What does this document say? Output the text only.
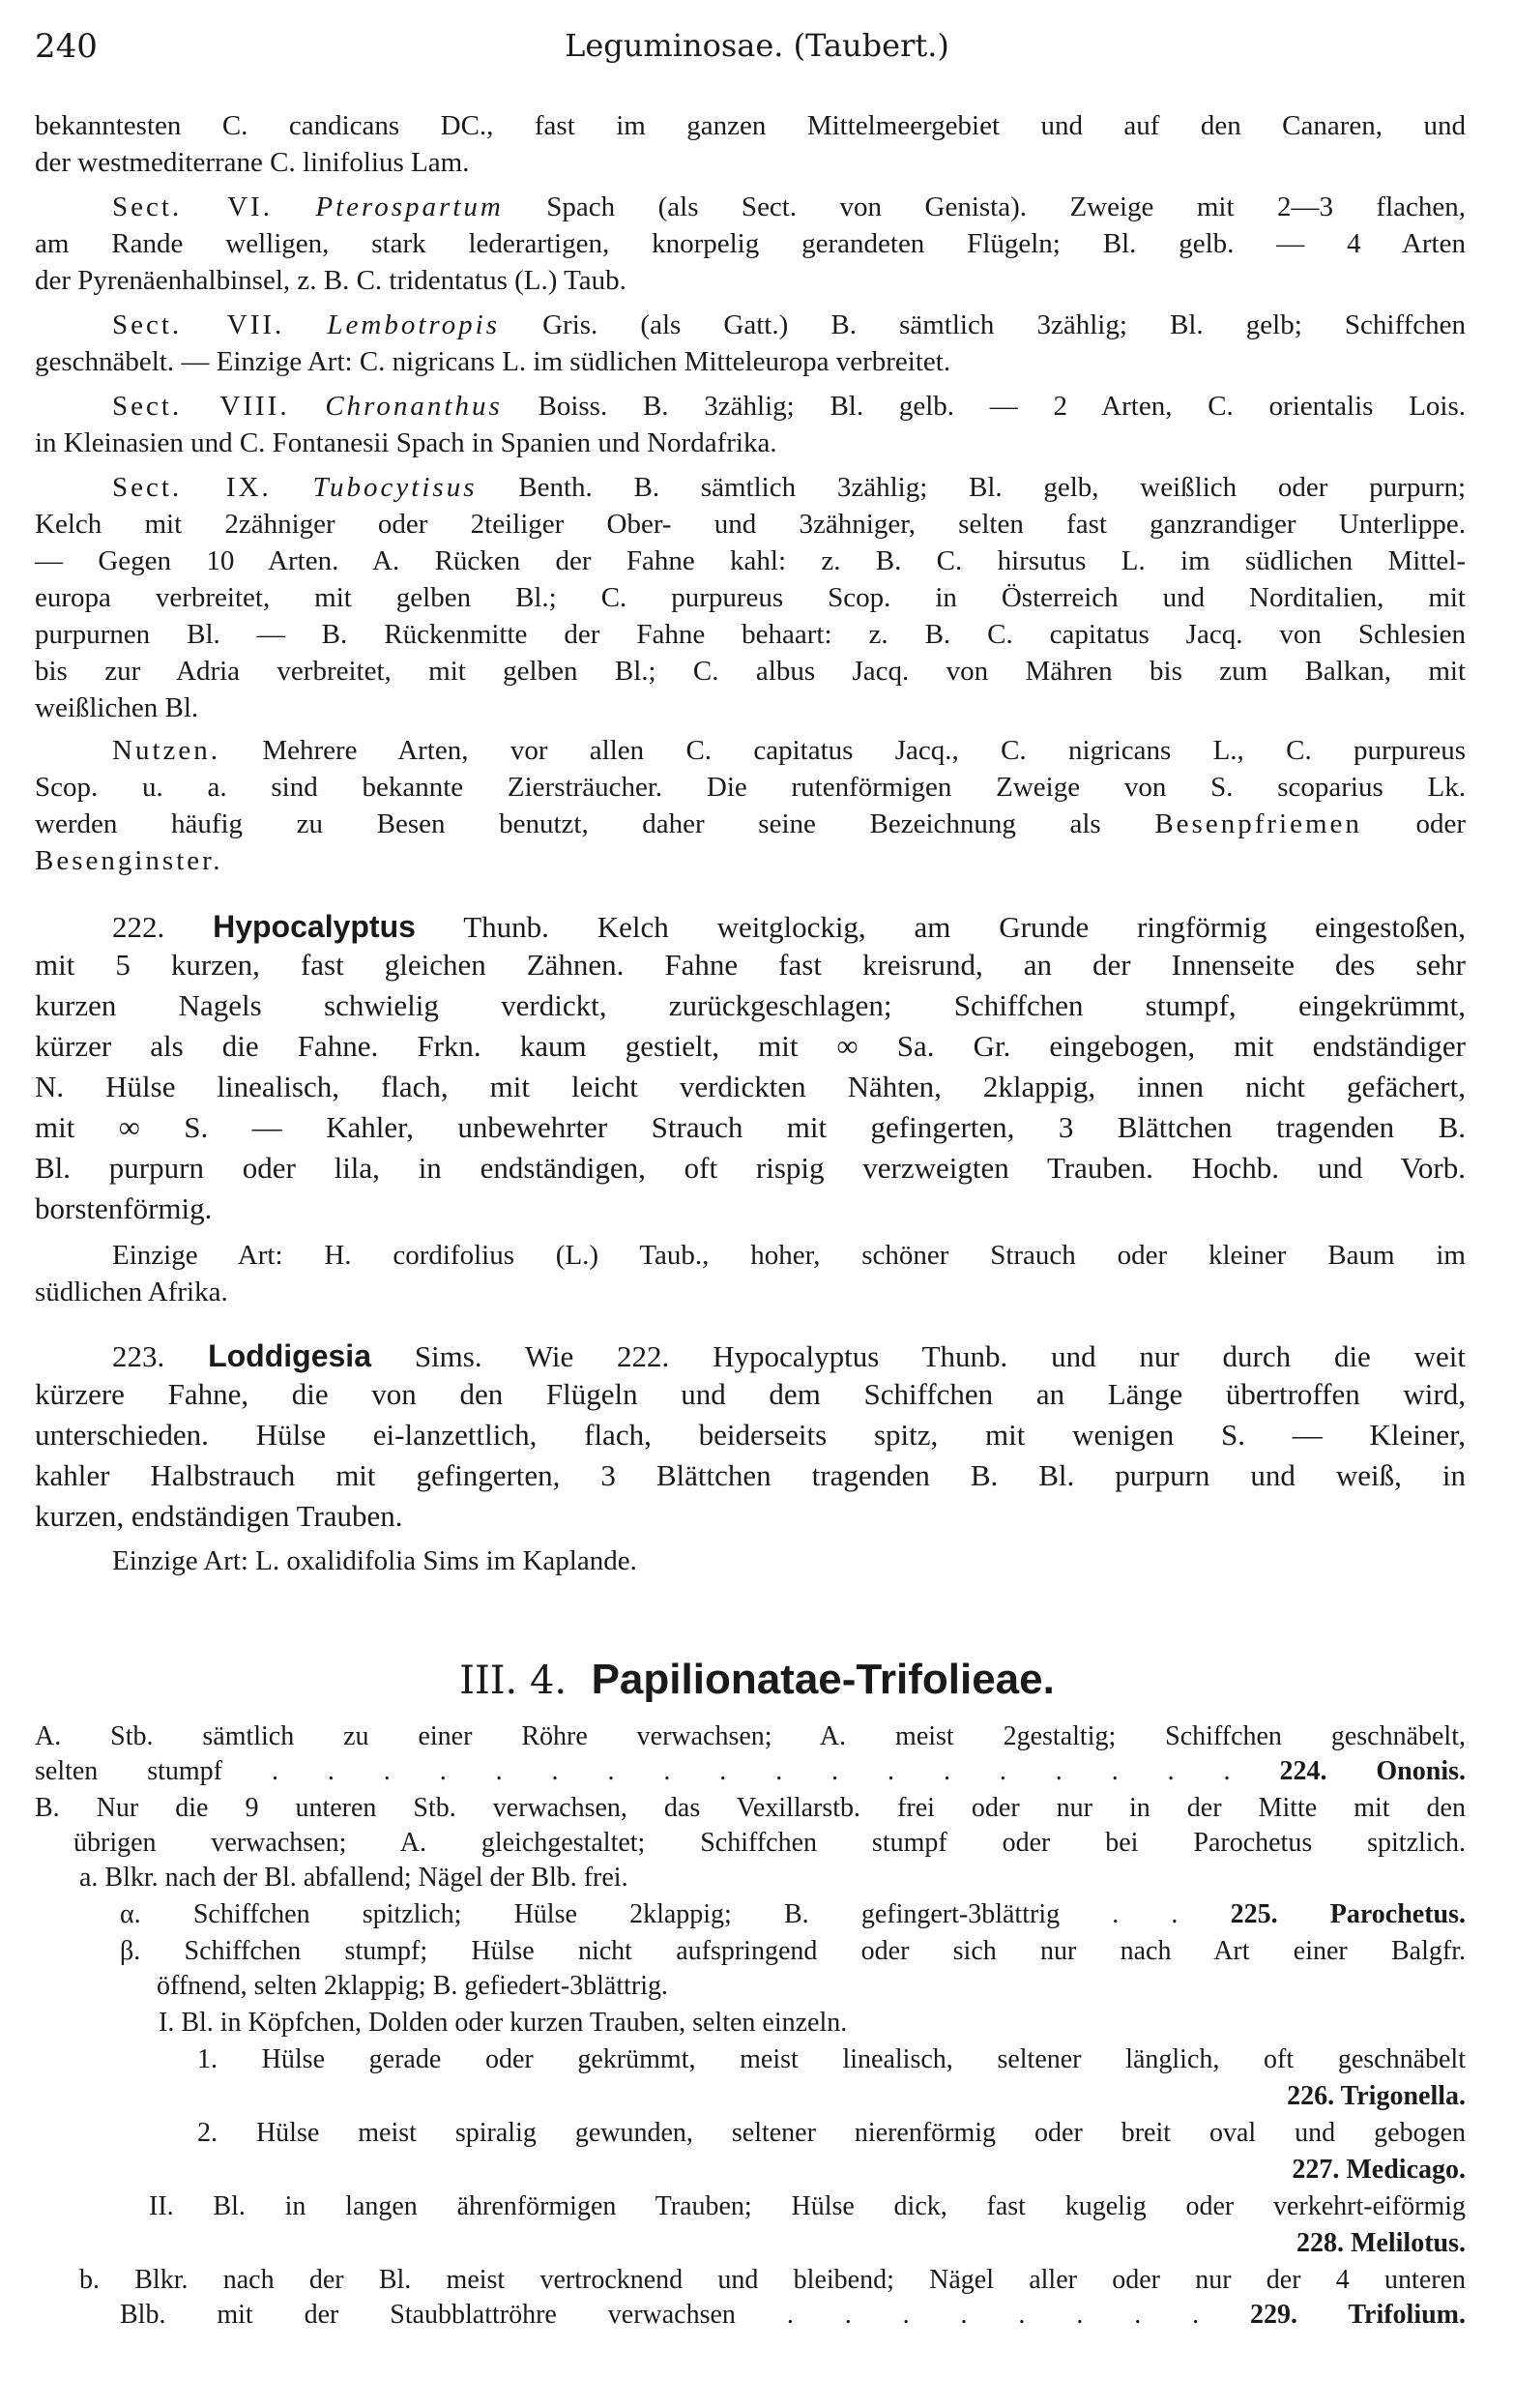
240	Leguminosae. (Taubert.)
bekanntesten C. candicans DC., fast im ganzen Mittelmeergebiet und auf den Canaren, und
der westmediterrane C. linifolius Lam.
Sect. VI. Pterospartum Spach (als Sect. von Genista). Zweige mit 2—3 flachen,
am Rande welligen, stark lederartigen, knorpelig gerandeten Flügeln; Bl. gelb. — 4 Arten
der Pyrenäenhalbinsel, z. B. C. tridentatus (L.) Taub.
Sect. VII. Lembotropis Gris. (als Gatt.) B. sämtlich 3zählig; Bl. gelb; Schiffchen
geschnäbelt. — Einzige Art: C. nigricans L. im südlichen Mitteleuropa verbreitet.
Sect. VIII. Chronanthus Boiss. B. 3zählig; Bl. gelb. — 2 Arten, C. orientalis Lois.
in Kleinasien und C. Fontanesii Spach in Spanien und Nordafrika.
Sect. IX. Tubocytisus Benth. B. sämtlich 3zählig; Bl. gelb, weißlich oder purpurn;
Kelch mit 2zähniger oder 2teiliger Ober- und 3zähniger, selten fast ganzrandiger Unterlippe.
— Gegen 10 Arten. A. Rücken der Fahne kahl: z. B. C. hirsutus L. im südlichen Mittel-
europa verbreitet, mit gelben Bl.; C. purpureus Scop. in Österreich und Norditalien, mit
purpurnen Bl. — B. Rückenmitte der Fahne behaart: z. B. C. capitatus Jacq. von Schlesien
bis zur Adria verbreitet, mit gelben Bl.; C. albus Jacq. von Mähren bis zum Balkan, mit
weißlichen Bl.
Nutzen. Mehrere Arten, vor allen C. capitatus Jacq., C. nigricans L., C. purpureus
Scop. u. a. sind bekannte Ziersträucher. Die rutenförmigen Zweige von S. scoparius Lk.
werden häufig zu Besen benutzt, daher seine Bezeichnung als Besenpfriemen oder
Besenginster.
222. Hypocalyptus Thunb. Kelch weitglockig, am Grunde ringförmig eingestoßen,
mit 5 kurzen, fast gleichen Zähnen. Fahne fast kreisrund, an der Innenseite des sehr
kurzen Nagels schwielig verdickt, zurückgeschlagen; Schiffchen stumpf, eingekrümmt,
kürzer als die Fahne. Frkn. kaum gestielt, mit ∞ Sa. Gr. eingebogen, mit endständiger
N. Hülse linealisch, flach, mit leicht verdickten Nähten, 2klappig, innen nicht gefächert,
mit ∞ S. — Kahler, unbewehrter Strauch mit gefingerten, 3 Blättchen tragenden B.
Bl. purpurn oder lila, in endständigen, oft rispig verzweigten Trauben. Hochb. und Vorb.
borstenförmig.
Einzige Art: H. cordifolius (L.) Taub., hoher, schöner Strauch oder kleiner Baum im
südlichen Afrika.
223. Loddigesia Sims. Wie 222. Hypocalyptus Thunb. und nur durch die weit
kürzere Fahne, die von den Flügeln und dem Schiffchen an Länge übertroffen wird,
unterschieden. Hülse ei-lanzettlich, flach, beiderseits spitz, mit wenigen S. — Kleiner,
kahler Halbstrauch mit gefingerten, 3 Blättchen tragenden B. Bl. purpurn und weiß, in
kurzen, endständigen Trauben.
Einzige Art: L. oxalidifolia Sims im Kaplande.
III. 4. Papilionatae-Trifolieae.
A. Stb. sämtlich zu einer Röhre verwachsen; A. meist 2gestaltig; Schiffchen geschnäbelt,
selten stumpf . . . . . . . . . . . . . . . . . . 224. Ononis.
B. Nur die 9 unteren Stb. verwachsen, das Vexillarstb. frei oder nur in der Mitte mit den
übrigen verwachsen; A. gleichgestaltet; Schiffchen stumpf oder bei Parochetus spitzlich.
a. Blkr. nach der Bl. abfallend; Nägel der Blb. frei.
α. Schiffchen spitzlich; Hülse 2klappig; B. gefingert-3blättrig . . 225. Parochetus.
β. Schiffchen stumpf; Hülse nicht aufspringend oder sich nur nach Art einer Balgfr.
öffnend, selten 2klappig; B. gefiedert-3blättrig.
I. Bl. in Köpfchen, Dolden oder kurzen Trauben, selten einzeln.
1. Hülse gerade oder gekrümmt, meist linealisch, seltener länglich, oft geschnäbelt
226. Trigonella.
2. Hülse meist spiralig gewunden, seltener nierenförmig oder breit oval und gebogen
227. Medicago.
II. Bl. in langen ährenförmigen Trauben; Hülse dick, fast kugelig oder verkehrt-eiförmig
228. Melilotus.
b. Blkr. nach der Bl. meist vertrocknend und bleibend; Nägel aller oder nur der 4 unteren
Blb. mit der Staubblattröhre verwachsen . . . . . . . . 229. Trifolium.
